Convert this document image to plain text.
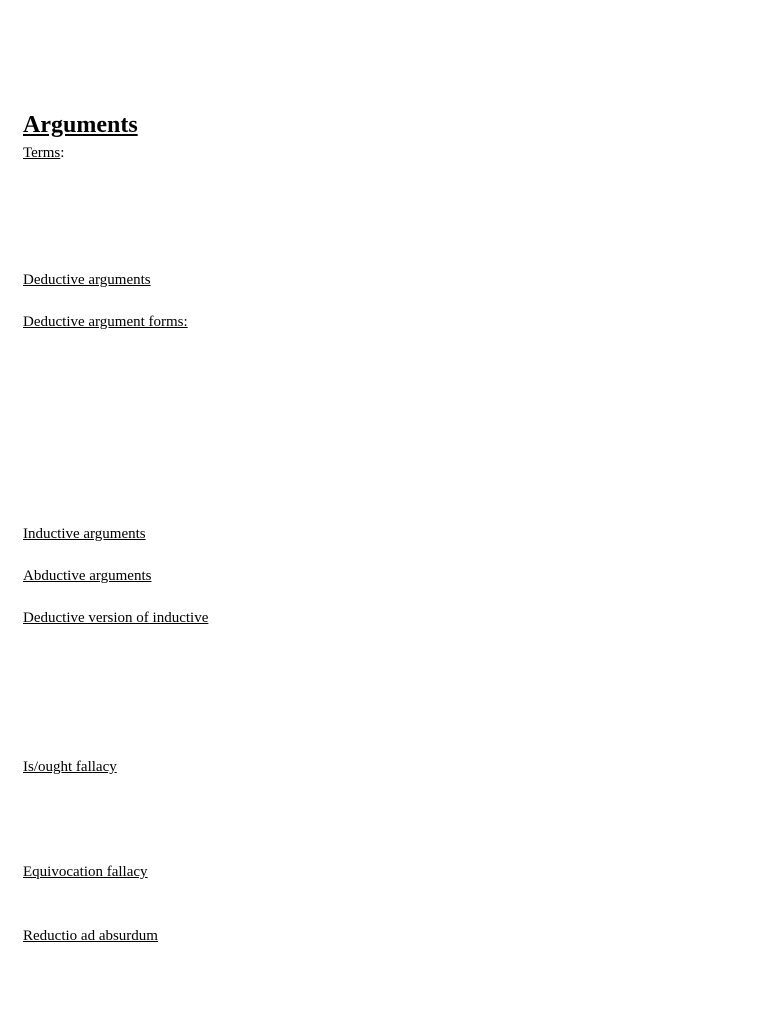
Arguments
Terms:

Deductive arguments

Deductive argument forms:

Inductive arguments

Abductive arguments

Deductive version of inductive

Is/ought fallacy

Equivocation fallacy

Reductio ad absurdum
